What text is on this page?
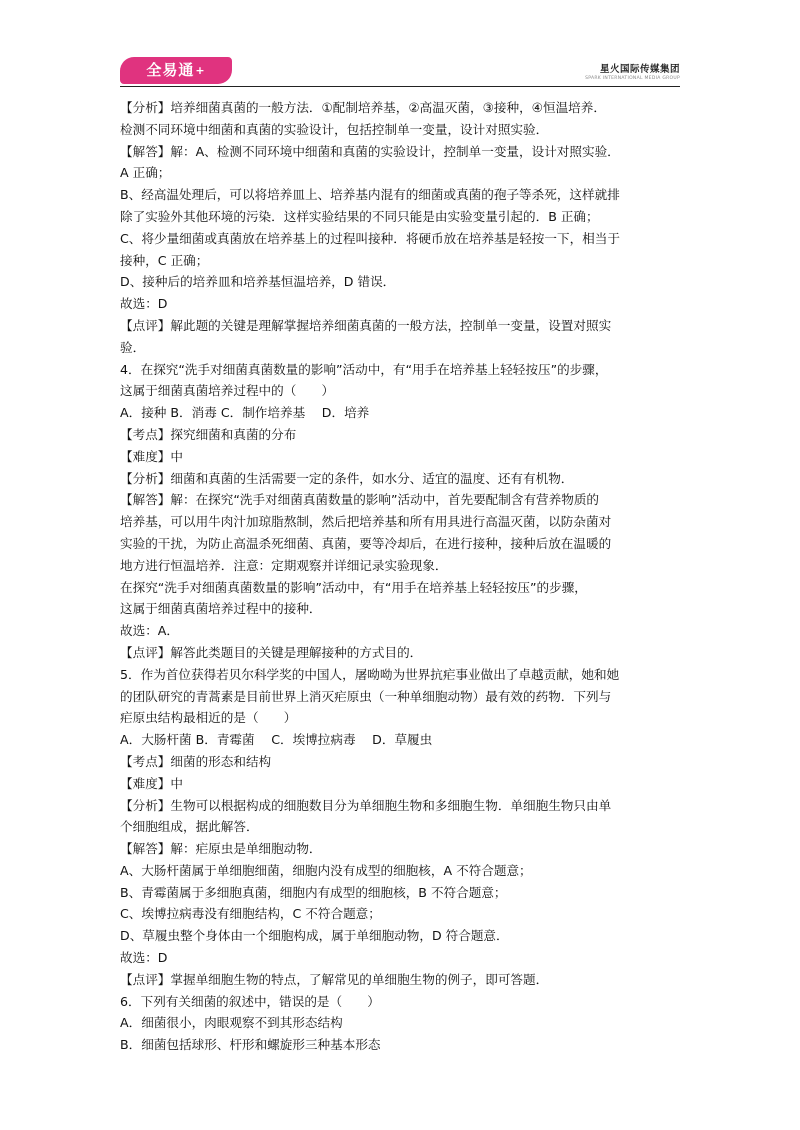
全易通+	星火国际传媒集团
SPARK INTERNATIONAL MEDIA GROUP

【分析】培养细菌真菌的一般方法．①配制培养基，②高温灭菌，③接种，④恒温培养．

检测不同环境中细菌和真菌的实验设计，包括控制单一变量，设计对照实验．

【解答】解：A、检测不同环境中细菌和真菌的实验设计，控制单一变量，设计对照实验．

A 正确；

B、经高温处理后，可以将培养皿上、培养基内混有的细菌或真菌的孢子等杀死，这样就排

除了实验外其他环境的污染．这样实验结果的不同只能是由实验变量引起的．B 正确；

C、将少量细菌或真菌放在培养基上的过程叫接种．将硬币放在培养基是轻按一下，相当于

接种，C 正确；

D、接种后的培养皿和培养基恒温培养，D 错误．

故选：D

【点评】解此题的关键是理解掌握培养细菌真菌的一般方法，控制单一变量，设置对照实

验．

4．在探究“洗手对细菌真菌数量的影响”活动中，有“用手在培养基上轻轻按压”的步骤，

这属于细菌真菌培养过程中的（　　）

A．接种 B．消毒 C．制作培养基　 D．培养

【考点】探究细菌和真菌的分布

【难度】中

【分析】细菌和真菌的生活需要一定的条件，如水分、适宜的温度、还有有机物．

【解答】解：在探究“洗手对细菌真菌数量的影响”活动中，首先要配制含有营养物质的

培养基，可以用牛肉汁加琼脂熬制，然后把培养基和所有用具进行高温灭菌，以防杂菌对

实验的干扰，为防止高温杀死细菌、真菌，要等冷却后，在进行接种，接种后放在温暖的

地方进行恒温培养．注意：定期观察并详细记录实验现象．

在探究“洗手对细菌真菌数量的影响”活动中，有“用手在培养基上轻轻按压”的步骤，

这属于细菌真菌培养过程中的接种．

故选：A．

【点评】解答此类题目的关键是理解接种的方式目的．

5．作为首位获得若贝尔科学奖的中国人，屠呦呦为世界抗疟事业做出了卓越贡献，她和她

的团队研究的青蒿素是目前世界上消灭疟原虫（一种单细胞动物）最有效的药物．下列与

疟原虫结构最相近的是（　　）

A．大肠杆菌 B．青霉菌　 C．埃博拉病毒　 D．草履虫

【考点】细菌的形态和结构

【难度】中

【分析】生物可以根据构成的细胞数目分为单细胞生物和多细胞生物．单细胞生物只由单

个细胞组成，据此解答．

【解答】解：疟原虫是单细胞动物．

A、大肠杆菌属于单细胞细菌，细胞内没有成型的细胞核，A 不符合题意；

B、青霉菌属于多细胞真菌，细胞内有成型的细胞核，B 不符合题意；

C、埃博拉病毒没有细胞结构，C 不符合题意；

D、草履虫整个身体由一个细胞构成，属于单细胞动物，D 符合题意．

故选：D

【点评】掌握单细胞生物的特点，了解常见的单细胞生物的例子，即可答题．

6．下列有关细菌的叙述中，错误的是（　　）

A．细菌很小，肉眼观察不到其形态结构

B．细菌包括球形、杆形和螺旋形三种基本形态
